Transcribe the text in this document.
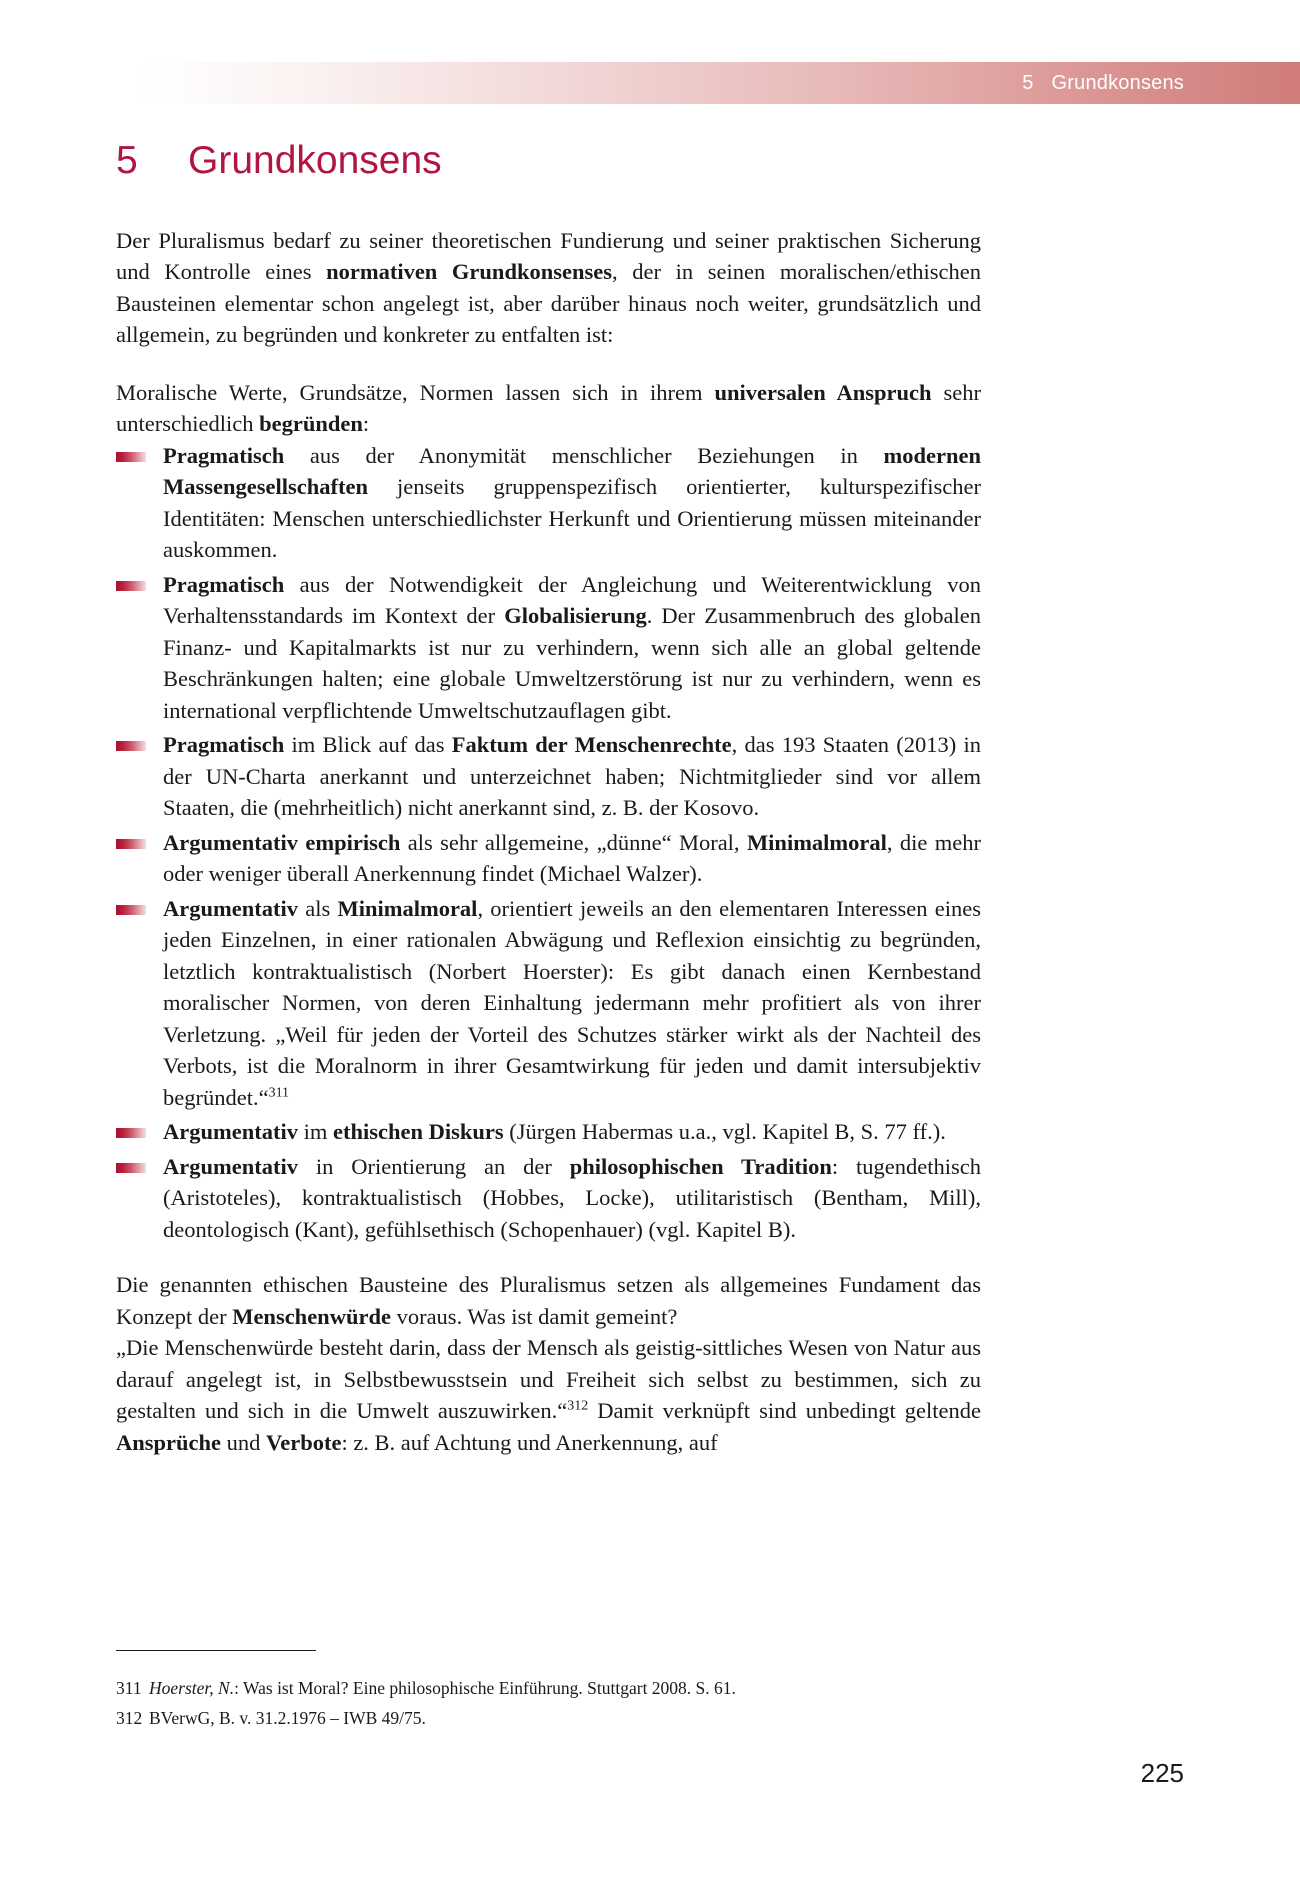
5 Grundkonsens
5	Grundkonsens

Der Pluralismus bedarf zu seiner theoretischen Fundierung und seiner praktischen Sicherung und Kontrolle eines normativen Grundkonsenses, der in seinen moralischen/ethischen Bausteinen elementar schon angelegt ist, aber darüber hinaus noch weiter, grundsätzlich und allgemein, zu begründen und konkreter zu entfalten ist:

Moralische Werte, Grundsätze, Normen lassen sich in ihrem universalen Anspruch sehr unterschiedlich begründen:

Pragmatisch aus der Anonymität menschlicher Beziehungen in modernen Massengesellschaften jenseits gruppenspezifisch orientierter, kulturspezifischer Identitäten: Menschen unterschiedlichster Herkunft und Orientierung müssen miteinander auskommen.
Pragmatisch aus der Notwendigkeit der Angleichung und Weiterentwicklung von Verhaltensstandards im Kontext der Globalisierung. Der Zusammenbruch des globalen Finanz- und Kapitalmarkts ist nur zu verhindern, wenn sich alle an global geltende Beschränkungen halten; eine globale Umweltzerstörung ist nur zu verhindern, wenn es international verpflichtende Umweltschutzauflagen gibt.
Pragmatisch im Blick auf das Faktum der Menschenrechte, das 193 Staaten (2013) in der UN-Charta anerkannt und unterzeichnet haben; Nichtmitglieder sind vor allem Staaten, die (mehrheitlich) nicht anerkannt sind, z. B. der Kosovo.
Argumentativ empirisch als sehr allgemeine, „dünne“ Moral, Minimalmoral, die mehr oder weniger überall Anerkennung findet (Michael Walzer).
Argumentativ als Minimalmoral, orientiert jeweils an den elementaren Interessen eines jeden Einzelnen, in einer rationalen Abwägung und Reflexion einsichtig zu begründen, letztlich kontraktualistisch (Norbert Hoerster): Es gibt danach einen Kernbestand moralischer Normen, von deren Einhaltung jedermann mehr profitiert als von ihrer Verletzung. „Weil für jeden der Vorteil des Schutzes stärker wirkt als der Nachteil des Verbots, ist die Moralnorm in ihrer Gesamtwirkung für jeden und damit intersubjektiv begründet.“$^{311}$
Argumentativ im ethischen Diskurs (Jürgen Habermas u.a., vgl. Kapitel B, S. 77 ff.).
Argumentativ in Orientierung an der philosophischen Tradition: tugendethisch (Aristoteles), kontraktualistisch (Hobbes, Locke), utilitaristisch (Bentham, Mill), deontologisch (Kant), gefühlsethisch (Schopenhauer) (vgl. Kapitel B).

Die genannten ethischen Bausteine des Pluralismus setzen als allgemeines Fundament das Konzept der Menschenwürde voraus. Was ist damit gemeint?

„Die Menschenwürde besteht darin, dass der Mensch als geistig-sittliches Wesen von Natur aus darauf angelegt ist, in Selbstbewusstsein und Freiheit sich selbst zu bestimmen, sich zu gestalten und sich in die Umwelt auszuwirken.“$^{312}$ Damit verknüpft sind unbedingt geltende Ansprüche und Verbote: z. B. auf Achtung und Anerkennung, auf

311 Hoerster, N.: Was ist Moral? Eine philosophische Einführung. Stuttgart 2008. S. 61.
312 BVerwG, B. v. 31.2.1976 – IWB 49/75.
225
